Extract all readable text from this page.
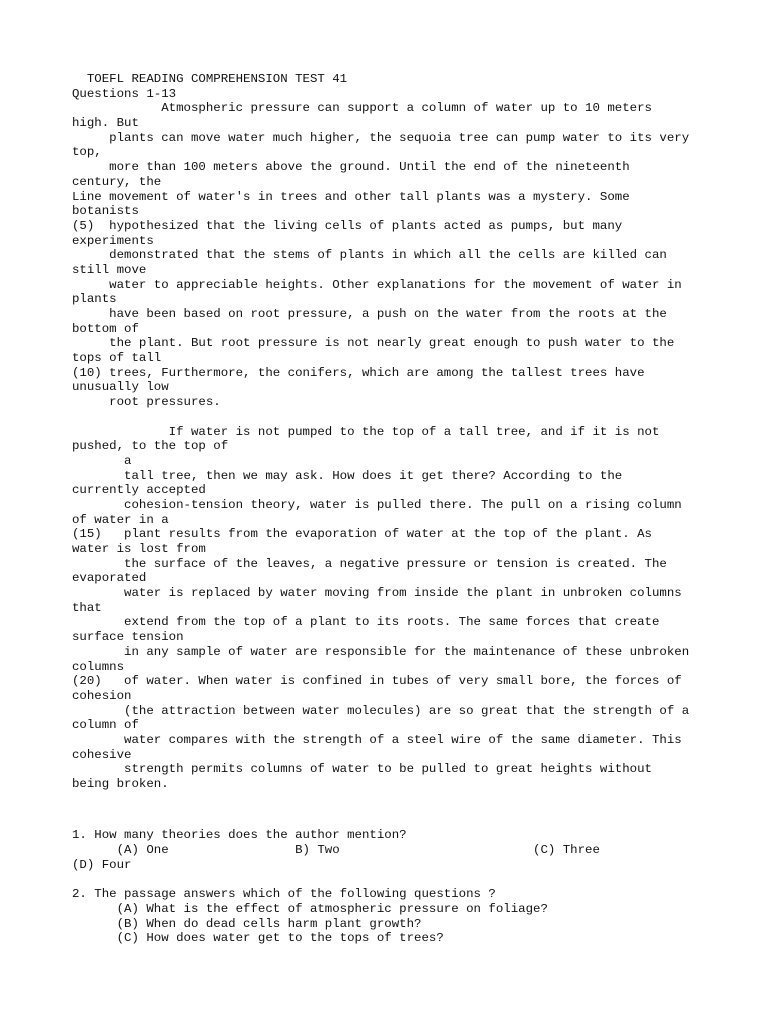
TOEFL READING COMPREHENSION TEST 41
Questions 1-13
Atmospheric pressure can support a column of water up to 10 meters
high. But
plants can move water much higher, the sequoia tree can pump water to its very
top,
more than 100 meters above the ground. Until the end of the nineteenth
century, the
Line movement of water's in trees and other tall plants was a mystery. Some
botanists
(5)  hypothesized that the living cells of plants acted as pumps, but many
experiments
demonstrated that the stems of plants in which all the cells are killed can
still move
water to appreciable heights. Other explanations for the movement of water in
plants
have been based on root pressure, a push on the water from the roots at the
bottom of
the plant. But root pressure is not nearly great enough to push water to the
tops of tall
(10) trees, Furthermore, the conifers, which are among the tallest trees have
unusually low
root pressures.
If water is not pumped to the top of a tall tree, and if it is not
pushed, to the top of
a
tall tree, then we may ask. How does it get there? According to the
currently accepted
cohesion-tension theory, water is pulled there. The pull on a rising column
of water in a
(15)   plant results from the evaporation of water at the top of the plant. As
water is lost from
the surface of the leaves, a negative pressure or tension is created. The
evaporated
water is replaced by water moving from inside the plant in unbroken columns
that
extend from the top of a plant to its roots. The same forces that create
surface tension
in any sample of water are responsible for the maintenance of these unbroken
columns
(20)   of water. When water is confined in tubes of very small bore, the forces of
cohesion
(the attraction between water molecules) are so great that the strength of a
column of
water compares with the strength of a steel wire of the same diameter. This
cohesive
strength permits columns of water to be pulled to great heights without
being broken.
1. How many theories does the author mention?
(A) One                 B) Two                          (C) Three
(D) Four
2. The passage answers which of the following questions ?
(A) What is the effect of atmospheric pressure on foliage?
(B) When do dead cells harm plant growth?
(C) How does water get to the tops of trees?
